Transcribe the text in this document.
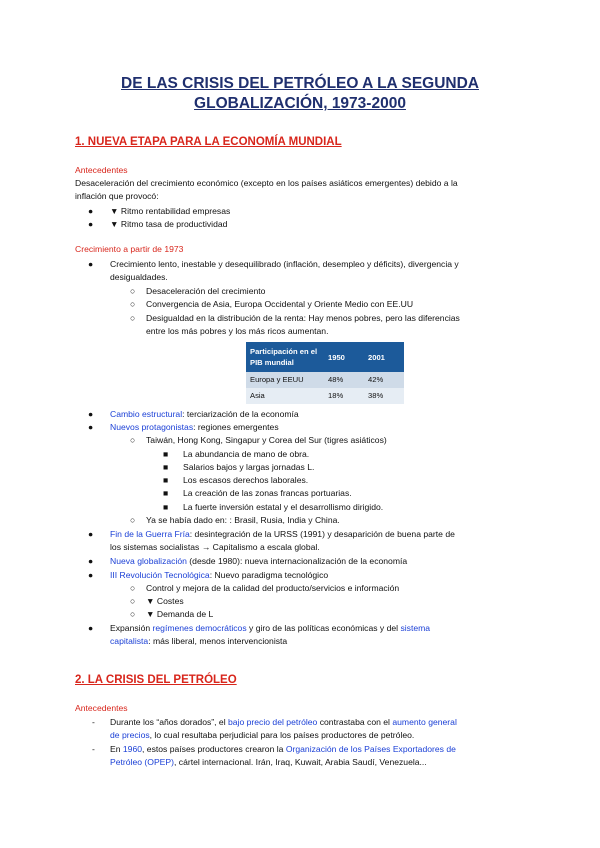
DE LAS CRISIS DEL PETRÓLEO A LA SEGUNDA
GLOBALIZACIÓN, 1973-2000
1. NUEVA ETAPA PARA LA ECONOMÍA MUNDIAL
Antecedentes
Desaceleración del crecimiento económico (excepto en los países asiáticos emergentes) debido a la
inflación que provocó:
● ▼ Ritmo rentabilidad empresas
● ▼ Ritmo tasa de productividad
Crecimiento a partir de 1973
● Crecimiento lento, inestable y desequilibrado (inflación, desempleo y déficits), divergencia y
desigualdades.
○ Desaceleración del crecimiento
○ Convergencia de Asia, Europa Occidental y Oriente Medio con EE.UU
○ Desigualdad en la distribución de la renta: Hay menos pobres, pero las diferencias
entre los más pobres y los más ricos aumentan.
Participación en el PIB mundial	1950	2001
Europa y EEUU	48%	42%
Asia	18%	38%
● Cambio estructural: terciarización de la economía
● Nuevos protagonistas: regiones emergentes
○ Taiwán, Hong Kong, Singapur y Corea del Sur (tigres asiáticos)
■ La abundancia de mano de obra.
■ Salarios bajos y largas jornadas L.
■ Los escasos derechos laborales.
■ La creación de las zonas francas portuarias.
■ La fuerte inversión estatal y el desarrollismo dirigido.
○ Ya se había dado en: : Brasil, Rusia, India y China.
● Fin de la Guerra Fría: desintegración de la URSS (1991) y desaparición de buena parte de
los sistemas socialistas → Capitalismo a escala global.
● Nueva globalización (desde 1980): nueva internacionalización de la economía
● III Revolución Tecnológica: Nuevo paradigma tecnológico
○ Control y mejora de la calidad del producto/servicios e información
○ ▼ Costes
○ ▼ Demanda de L
● Expansión regímenes democráticos y giro de las políticas económicas y del sistema
capitalista: más liberal, menos intervencionista
2. LA CRISIS DEL PETRÓLEO
Antecedentes
- Durante los “años dorados”, el bajo precio del petróleo contrastaba con el aumento general
de precios, lo cual resultaba perjudicial para los países productores de petróleo.
- En 1960, estos países productores crearon la Organización de los Países Exportadores de
Petróleo (OPEP), cártel internacional. Irán, Iraq, Kuwait, Arabia Saudí, Venezuela...
